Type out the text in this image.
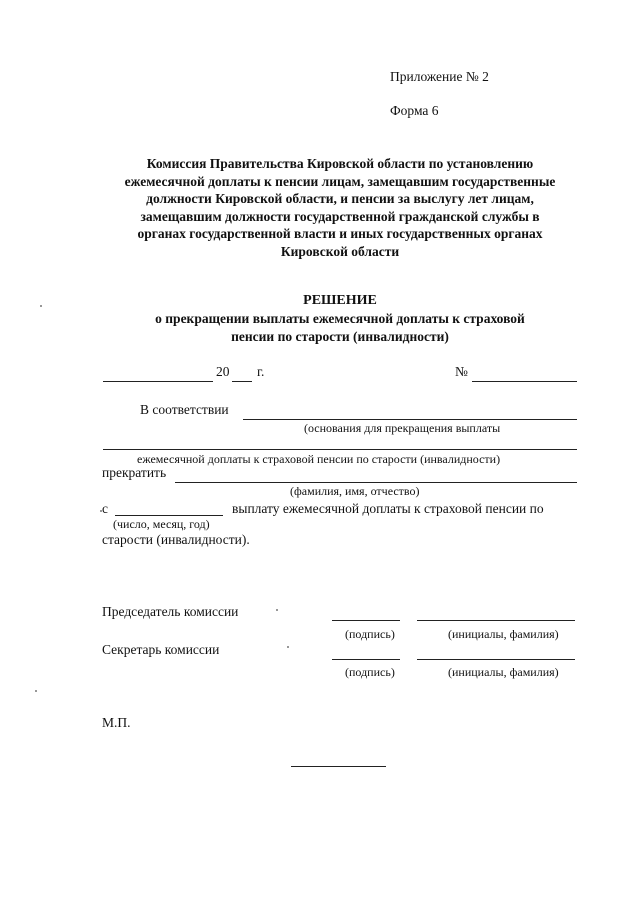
Приложение № 2
Форма 6
Комиссия Правительства Кировской области по установлению
ежемесячной доплаты к пенсии лицам, замещавшим государственные
должности Кировской области, и пенсии за выслугу лет лицам,
замещавшим должности государственной гражданской службы в
органах государственной власти и иных государственных органах
Кировской области
РЕШЕНИЕ
о прекращении выплаты ежемесячной доплаты к страховой
пенсии по старости (инвалидности)
20 г.	№
В соответствии
(основания для прекращения выплаты
ежемесячной доплаты к страховой пенсии по старости (инвалидности)
прекратить
(фамилия, имя, отчество)
с	выплату ежемесячной доплаты к страховой пенсии по
(число, месяц, год)
старости (инвалидности).
Председатель комиссии
(подпись)	(инициалы, фамилия)
Секретарь комиссии
(подпись)	(инициалы, фамилия)
М.П.
